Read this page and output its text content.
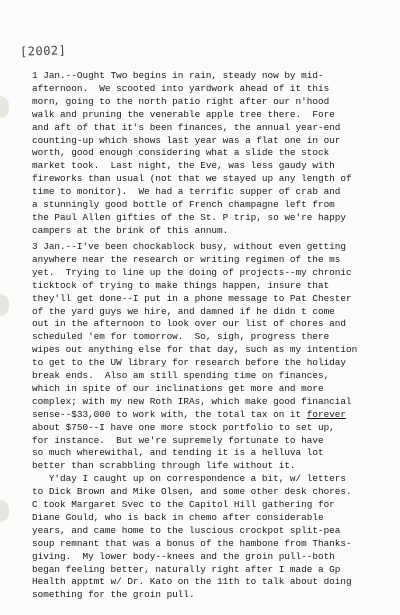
[2002]
1 Jan.--Ought Two begins in rain, steady now by mid-
afternoon.  We scooted into yardwork ahead of it this
morn, going to the north patio right after our n'hood
walk and pruning the venerable apple tree there.  Fore
and aft of that it's been finances, the annual year-end
counting-up which shows last year was a flat one in our
worth, good enough considering what a slide the stock
market took.  Last night, the Eve, was less gaudy with
fireworks than usual (not that we stayed up any length of
time to monitor).  We had a terrific supper of crab and
a stunningly good bottle of French champagne left from
the Paul Allen gifties of the St. P trip, so we're happy
campers at the brink of this annum.
3 Jan.--I've been chockablock busy, without even getting
anywhere near the research or writing regimen of the ms
yet.  Trying to line up the doing of projects--my chronic
ticktock of trying to make things happen, insure that
they'll get done--I put in a phone message to Pat Chester
of the yard guys we hire, and damned if he didn t come
out in the afternoon to look over our list of chores and
scheduled 'em for tomorrow.  So, sigh, progress there
wipes out anything else for that day, such as my intention
to get to the UW library for research before the holiday
break ends.  Also am still spending time on finances,
which in spite of our inclinations get more and more
complex; with my new Roth IRAs, which make good financial
sense--$33,000 to work with, the total tax on it forever
about $750--I have one more stock portfolio to set up,
for instance.  But we're supremely fortunate to have
so much wherewithal, and tending it is a helluva lot
better than scrabbling through life without it.
Y'day I caught up on correspondence a bit, w/ letters
to Dick Brown and Mike Olsen, and some other desk chores.
C took Margaret Svec to the Capitol Hill gathering for
Diane Gould, who is back in chemo after considerable
years, and came home to the luscious crockpot split-pea
soup remnant that was a bonus of the hambone from Thanks-
giving.  My lower body--knees and the groin pull--both
began feeling better, naturally right after I made a Gp
Health apptmt w/ Dr. Kato on the 11th to talk about doing
something for the groin pull.
